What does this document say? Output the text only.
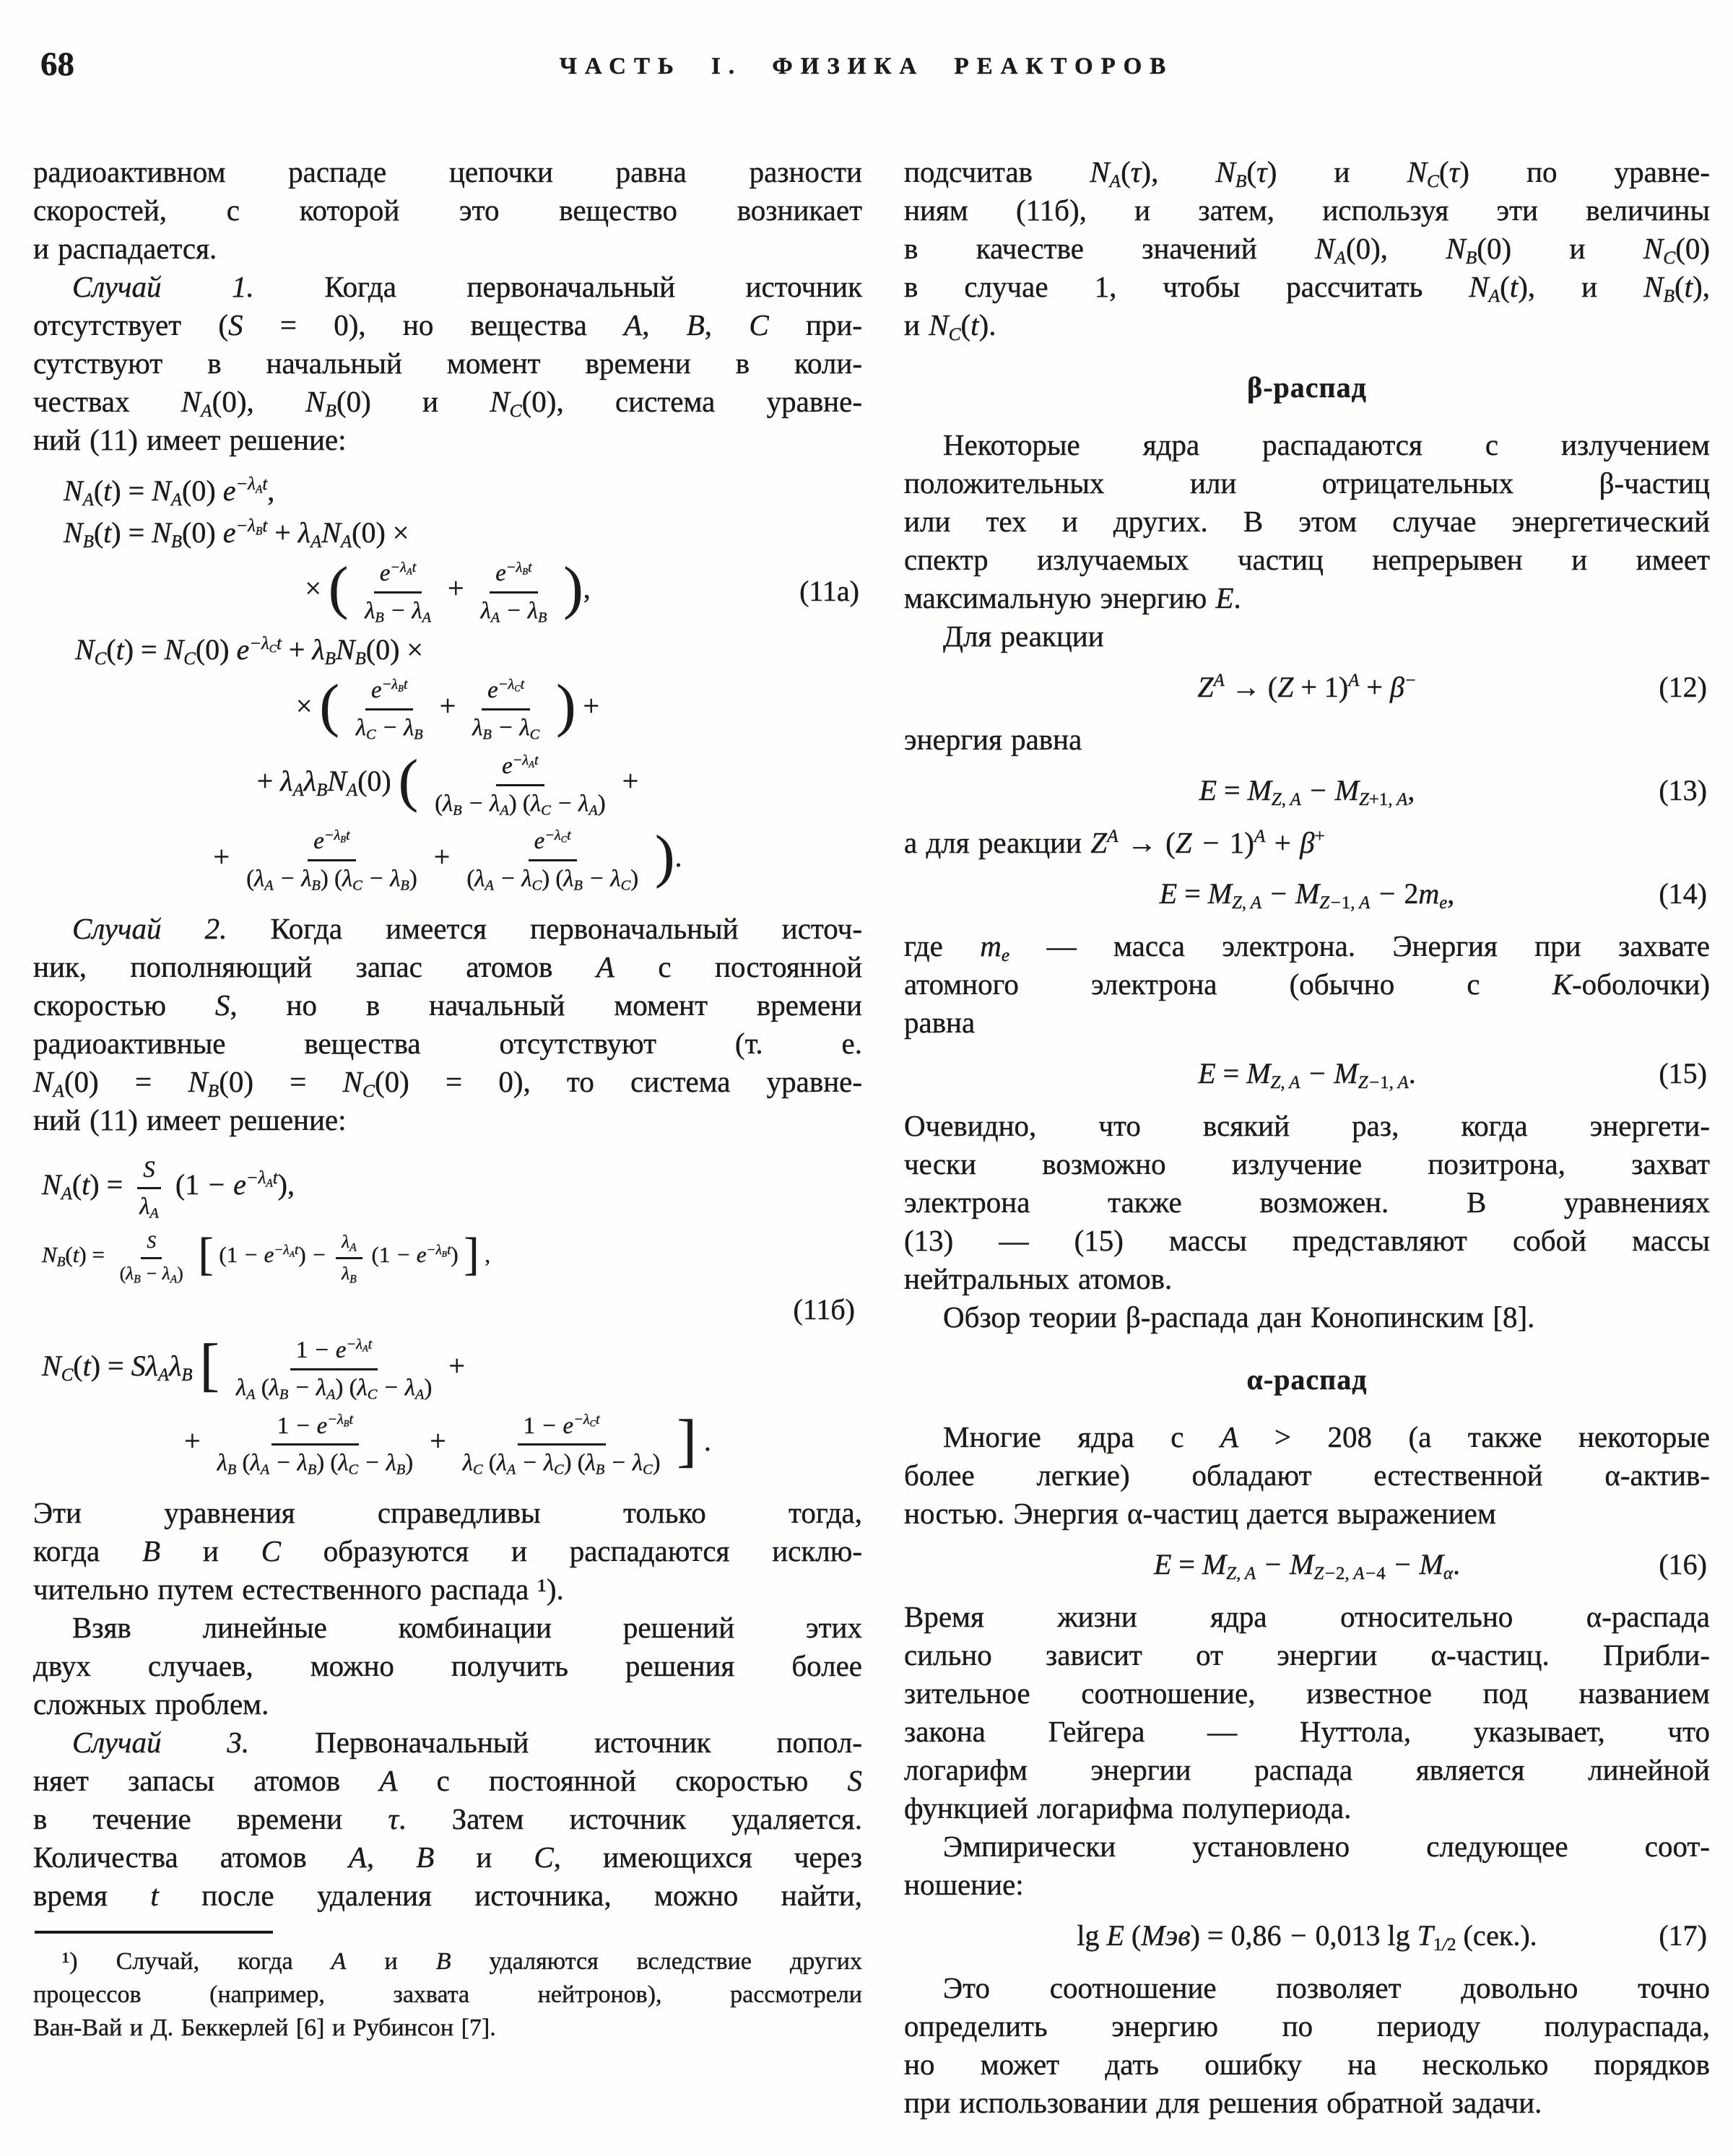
68	ЧАСТЬ I. ФИЗИКА РЕАКТОРОВ
радиоактивном распаде цепочки равна разности
скоростей, с которой это вещество возникает
и распадается.
Случай 1. Когда первоначальный источник
отсутствует (S = 0), но вещества A, B, C при-
сутствуют в начальный момент времени в коли-
чествах $N_A(0)$, $N_B(0)$ и $N_C(0)$, система уравне-
ний (11) имеет решение:
$N_A(t) = N_A(0)$ $e^{-\lambda_At}$,
$N_B(t) = N_B(0) e^{-\lambda_Bt} + \lambda_AN_A(0)$ ×
× ( $e^{-\lambda_At}$
$\lambda_B - \lambda_A$
+ $e^{-\lambda_Bt}$
$\lambda_A - \lambda_B$ ),	(11a)
$N_C(t) = N_C(0) e^{-\lambda_Ct} + \lambda_BN_B(0)$ ×
× ( $e^{-\lambda_Bt}$
$\lambda_C - \lambda_B$
+ $e^{-\lambda_Ct}$
$\lambda_B - \lambda_C$ ) +
+ $\lambda_A\lambda_BN_A(0)$ (	$e^{-\lambda_At}$
$(\lambda_B - \lambda_A) (\lambda_C - \lambda_A)$
+
+	$e^{-\lambda_Bt}$
$(\lambda_A - \lambda_B) (\lambda_C - \lambda_B)$
+	$e^{-\lambda_Ct}$
$(\lambda_A - \lambda_C) (\lambda_B - \lambda_C)$ ).
Случай 2. Когда имеется первоначальный источ-
ник, пополняющий запас атомов A с постоянной
скоростью S, но в начальный момент времени
радиоактивные вещества отсутствуют (т. е.
$N_A(0) = N_B(0) = N_C(0) = 0$), то система уравне-
ний (11) имеет решение:
$N_A(t) = \frac{S}{\lambda_A} (1 - e^{-\lambda_At})$,
$N_B(t) = \frac{S}{(\lambda_B - \lambda_A)}$ [ $(1 - e^{-\lambda_At}) - \frac{\lambda_A}{\lambda_B} (1 - e^{-\lambda_Bt})$ ] ,
(11б)
$N_C(t) = S\lambda_A\lambda_B$ [	$1 - e^{-\lambda_At}$
$\lambda_A$ $(\lambda_B - \lambda_A) (\lambda_C - \lambda_A)$
+
+	$1 - e^{-\lambda_Bt}$
$\lambda_B$ $(\lambda_A - \lambda_B) (\lambda_C - \lambda_B)$
+	$1 - e^{-\lambda_Ct}$
$\lambda_C$ $(\lambda_A - \lambda_C) (\lambda_B - \lambda_C)$ ] .
Эти уравнения справедливы только тогда,
когда B и C образуются и распадаются исклю-
чительно путем естественного распада ¹).
Взяв линейные комбинации решений этих
двух случаев, можно получить решения более
сложных проблем.
Случай 3. Первоначальный источник попол-
няет запасы атомов A с постоянной скоростью S
в течение времени τ. Затем источник удаляется.
Количества атомов A, B и C, имеющихся через
время t после удаления источника, можно найти,
¹) Случай, когда A и B удаляются вследствие других
процессов (например, захвата нейтронов), рассмотрели
Ван-Вай и Д. Беккерлей [6] и Рубинсон [7].
подсчитав $N_A(\tau)$, $N_B(\tau)$ и $N_C(\tau)$ по уравне-
ниям (11б), и затем, используя эти величины
в качестве значений $N_A(0)$, $N_B(0)$ и $N_C(0)$
в случае 1, чтобы рассчитать $N_A(t)$, и $N_B(t)$,
и $N_C(t)$.
β-распад
Некоторые ядра распадаются с излучением
положительных или отрицательных β-частиц
или тех и других. В этом случае энергетический
спектр излучаемых частиц непрерывен и имеет
максимальную энергию E.
Для реакции
$Z^A \to (Z + 1)^A + \beta^-$	(12)
энергия равна
$E = M_{Z, A} - M_{Z+1, A}$,	(13)
а для реакции $Z^A \to (Z - 1)^A + \beta^+$
$E = M_{Z, A} - M_{Z-1, A} - 2m_e$,	(14)
где $m_e$ — масса электрона. Энергия при захвате
атомного электрона (обычно с K-оболочки)
равна
$E = M_{Z, A} - M_{Z-1, A}$.	(15)
Очевидно, что всякий раз, когда энергети-
чески возможно излучение позитрона, захват
электрона также возможен. В уравнениях
(13) — (15) массы представляют собой массы
нейтральных атомов.
Обзор теории β-распада дан Конопинским [8].
α-распад
Многие ядра с A > 208 (а также некоторые
более легкие) обладают естественной α-актив-
ностью. Энергия α-частиц дается выражением
$E = M_{Z, A} - M_{Z-2, A-4} - M_\alpha$.	(16)
Время жизни ядра относительно α-распада
сильно зависит от энергии α-частиц. Прибли-
зительное соотношение, известное под названием
закона Гейгера — Нуттола, указывает, что
логарифм энергии распада является линейной
функцией логарифма полупериода.
Эмпирически установлено следующее соот-
ношение:
lg E (Мэв) = 0,86 − 0,013 $\lg T_{1/2}$ (сек.).	(17)
Это соотношение позволяет довольно точно
определить энергию по периоду полураспада,
но может дать ошибку на несколько порядков
при использовании для решения обратной задачи.
